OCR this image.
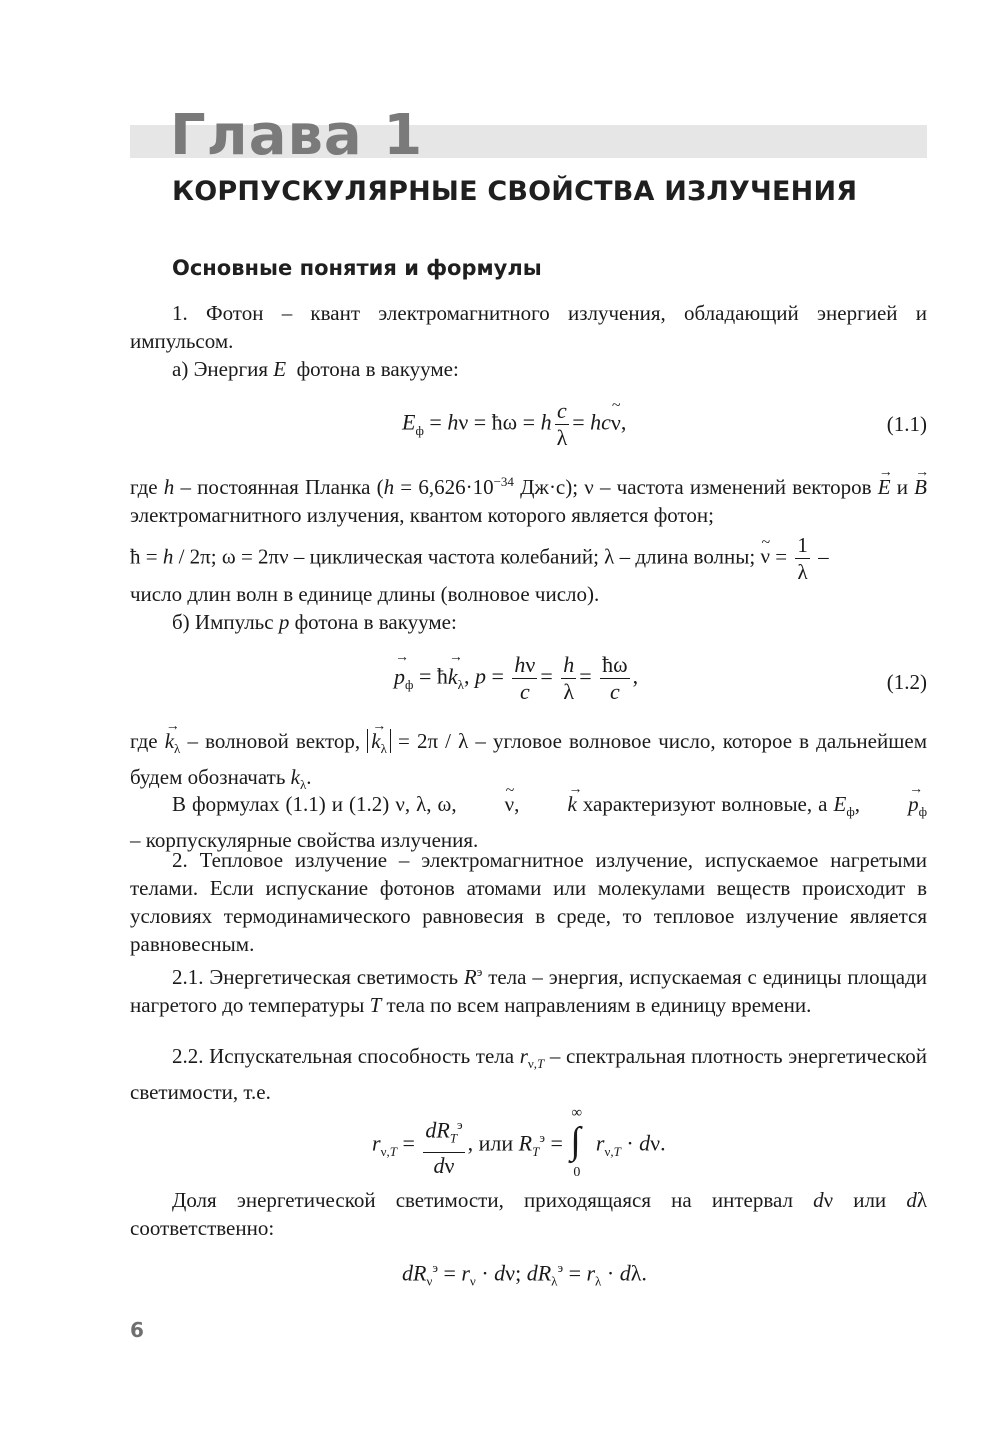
Глава 1
КОРПУСКУЛЯРНЫЕ СВОЙСТВА ИЗЛУЧЕНИЯ
Основные понятия и формулы
1. Фотон – квант электромагнитного излучения, обладающий энергией и импульсом.
а) Энергия E фотона в вакууме:
$E_ф = h\nu$ = ħω = h $\frac{c}{\lambda}$ = hc~ ν,	(1.1)
где h – постоянная Планка ($h = 6,626\cdot 10^{-34}$ Дж·с); ν – частота изменений векторов → E и → B электромагнитного излучения, квантом которого является фотон;
ħ = h / 2π; ω = 2πν – циклическая частота колебаний; λ – длина волны; ~ $\nu = \frac{1}{\lambda}$ –
число длин волн в единице длины (волновое число).
б) Импульс p фотона в вакууме:
→ $p_ф$ = ħ→ $k_\lambda$, $p = \frac{h\nu}{c} = \frac{h}{\lambda} = \frac{ħ\omega}{c}$ ,	(1.2)
где → $k_\lambda$ – волновой вектор, → $k_\lambda = 2\pi / \lambda$ – угловое волновое число, которое в дальнейшем будем обозначать $k_\lambda$.
В формулах (1.1) и (1.2) ν, λ, ω, ~ ν, → k характеризуют волновые, а $E_ф$, → $p_ф$ – корпускулярные свойства излучения.
2. Тепловое излучение – электромагнитное излучение, испускаемое нагретыми телами. Если испускание фотонов атомами или молекулами веществ происходит в условиях термодинамического равновесия в среде, то тепловое излучение является равновесным.
2.1. Энергетическая светимость $R^э$ тела – энергия, испускаемая с единицы площади нагретого до температуры T тела по всем направлениям в единицу времени.
2.2. Испускательная способность тела $r_{\nu,T}$ – спектральная плотность энергетической светимости, т.е.
$r_{\nu,T} = \frac{dR_T^э}{d\nu}$ , или $R_T^э$ =
∞
∫
0
$r_{\nu,T} \cdot d\nu$.
Доля энергетической светимости, приходящаяся на интервал dν или dλ соответственно:
$dR_\nu^э = r_\nu \cdot d\nu$; $dR_\lambda^э = r_\lambda \cdot d\lambda$.
6
